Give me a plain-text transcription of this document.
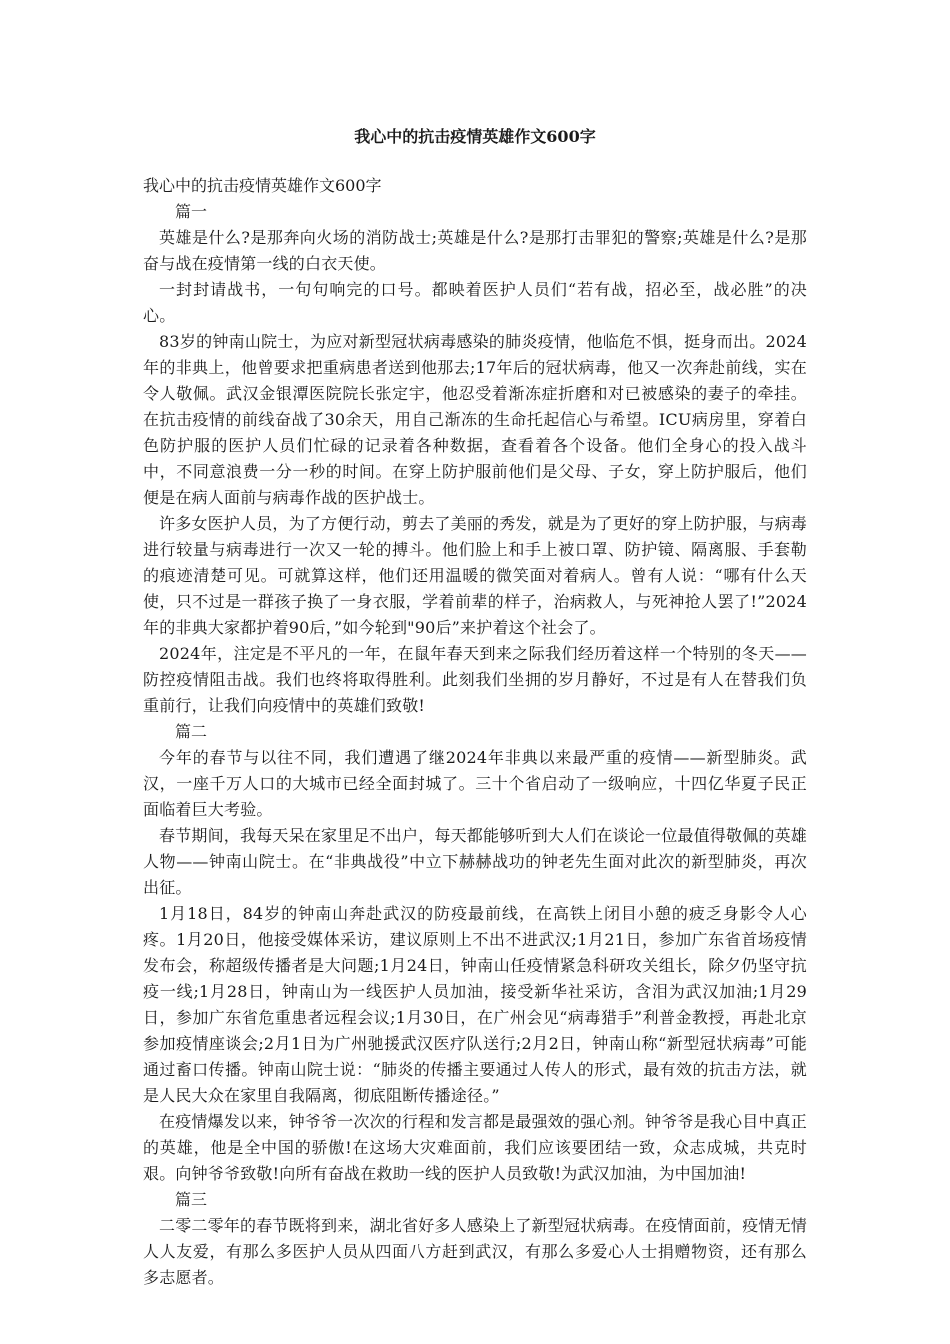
我心中的抗击疫情英雄作文600字

我心中的抗击疫情英雄作文600字

篇一

英雄是什么?是那奔向火场的消防战士;英雄是什么?是那打击罪犯的警察;英雄是什么?是那奋与战在疫情第一线的白衣天使。

一封封请战书，一句句响完的口号。都映着医护人员们“若有战，招必至，战必胜”的决心。

83岁的钟南山院士，为应对新型冠状病毒感染的肺炎疫情，他临危不惧，挺身而出。2024年的非典上，他曾要求把重病患者送到他那去;17年后的冠状病毒，他又一次奔赴前线，实在令人敬佩。武汉金银潭医院院长张定宇，他忍受着渐冻症折磨和对已被感染的妻子的牵挂。在抗击疫情的前线奋战了30余天，用自己渐冻的生命托起信心与希望。ICU病房里，穿着白色防护服的医护人员们忙碌的记录着各种数据，查看着各个设备。他们全身心的投入战斗中，不同意浪费一分一秒的时间。在穿上防护服前他们是父母、子女，穿上防护服后，他们便是在病人面前与病毒作战的医护战士。

许多女医护人员，为了方便行动，剪去了美丽的秀发，就是为了更好的穿上防护服，与病毒进行较量与病毒进行一次又一轮的搏斗。他们脸上和手上被口罩、防护镜、隔离服、手套勒的痕迹清楚可见。可就算这样，他们还用温暖的微笑面对着病人。曾有人说：“哪有什么天使，只不过是一群孩子换了一身衣服，学着前辈的样子，治病救人，与死神抢人罢了!”2024年的非典大家都护着90后，”如今轮到"90后”来护着这个社会了。

2024年，注定是不平凡的一年，在鼠年春天到来之际我们经历着这样一个特别的冬天——防控疫情阻击战。我们也终将取得胜利。此刻我们坐拥的岁月静好，不过是有人在替我们负重前行，让我们向疫情中的英雄们致敬!

篇二

今年的春节与以往不同，我们遭遇了继2024年非典以来最严重的疫情——新型肺炎。武汉，一座千万人口的大城市已经全面封城了。三十个省启动了一级响应，十四亿华夏子民正面临着巨大考验。

春节期间，我每天呆在家里足不出户，每天都能够听到大人们在谈论一位最值得敬佩的英雄人物——钟南山院士。在“非典战役”中立下赫赫战功的钟老先生面对此次的新型肺炎，再次出征。

1月18日，84岁的钟南山奔赴武汉的防疫最前线，在高铁上闭目小憩的疲乏身影令人心疼。1月20日，他接受媒体采访，建议原则上不出不进武汉;1月21日，参加广东省首场疫情发布会，称超级传播者是大问题;1月24日，钟南山任疫情紧急科研攻关组长，除夕仍坚守抗疫一线;1月28日，钟南山为一线医护人员加油，接受新华社采访，含泪为武汉加油;1月29日，参加广东省危重患者远程会议;1月30日，在广州会见“病毒猎手”利普金教授，再赴北京参加疫情座谈会;2月1日为广州驰援武汉医疗队送行;2月2日，钟南山称“新型冠状病毒”可能通过畜口传播。钟南山院士说：“肺炎的传播主要通过人传人的形式，最有效的抗击方法，就是人民大众在家里自我隔离，彻底阻断传播途径。”

在疫情爆发以来，钟爷爷一次次的行程和发言都是最强效的强心剂。钟爷爷是我心目中真正的英雄，他是全中国的骄傲!在这场大灾难面前，我们应该要团结一致，众志成城，共克时艰。向钟爷爷致敬!向所有奋战在救助一线的医护人员致敬!为武汉加油，为中国加油!

篇三

二零二零年的春节既将到来，湖北省好多人感染上了新型冠状病毒。在疫情面前，疫情无情人人友爱，有那么多医护人员从四面八方赶到武汉，有那么多爱心人士捐赠物资，还有那么多志愿者。
